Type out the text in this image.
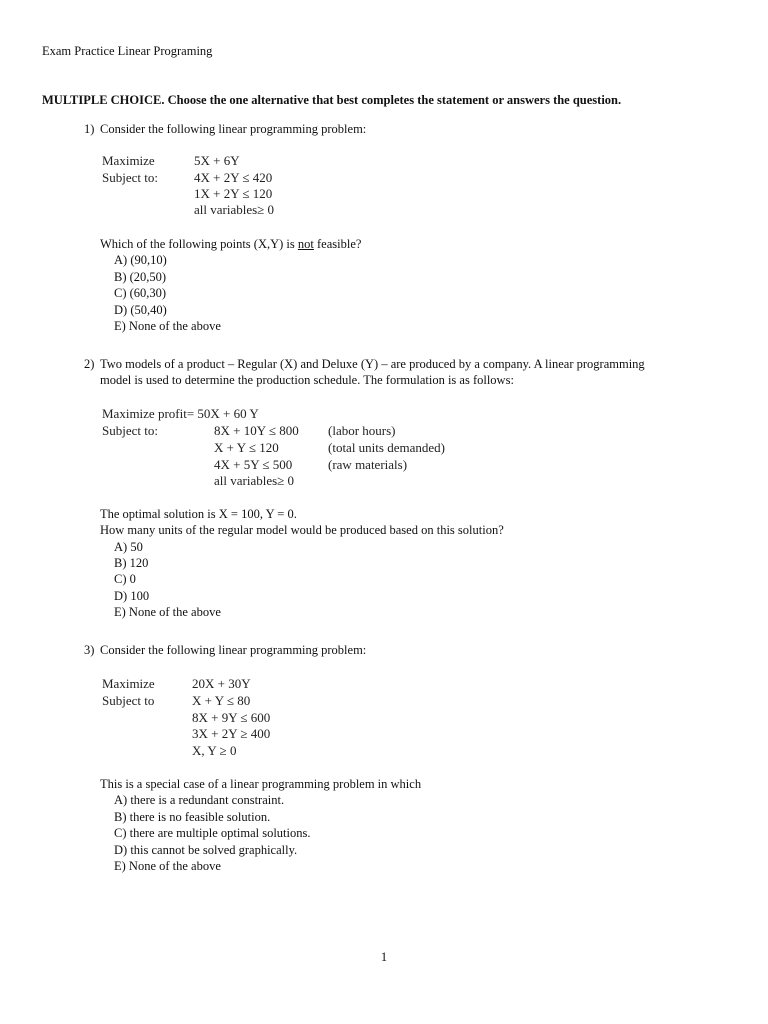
Exam Practice Linear Programing
MULTIPLE CHOICE. Choose the one alternative that best completes the statement or answers the question.
1) Consider the following linear programming problem:
Maximize	5X + 6Y
Subject to:	4X + 2Y ≤ 420
1X + 2Y ≤ 120
all variables≥ 0
Which of the following points (X,Y) is not feasible?
A) (90,10)
B) (20,50)
C) (60,30)
D) (50,40)
E) None of the above
2) Two models of a product – Regular (X) and Deluxe (Y) – are produced by a company. A linear programming
model is used to determine the production schedule. The formulation is as follows:
Maximize profit= 50X + 60 Y
Subject to:	8X + 10Y ≤ 800 (labor hours)
X + Y ≤ 120	(total units demanded)
4X + 5Y ≤ 500	(raw materials)
all variables≥ 0
The optimal solution is X = 100, Y = 0.
How many units of the regular model would be produced based on this solution?
A) 50
B) 120
C) 0
D) 100
E) None of the above
3) Consider the following linear programming problem:
Maximize	20X + 30Y
Subject to	X + Y ≤ 80
8X + 9Y ≤ 600
3X + 2Y ≥ 400
X, Y ≥ 0
This is a special case of a linear programming problem in which
A) there is a redundant constraint.
B) there is no feasible solution.
C) there are multiple optimal solutions.
D) this cannot be solved graphically.
E) None of the above
1
